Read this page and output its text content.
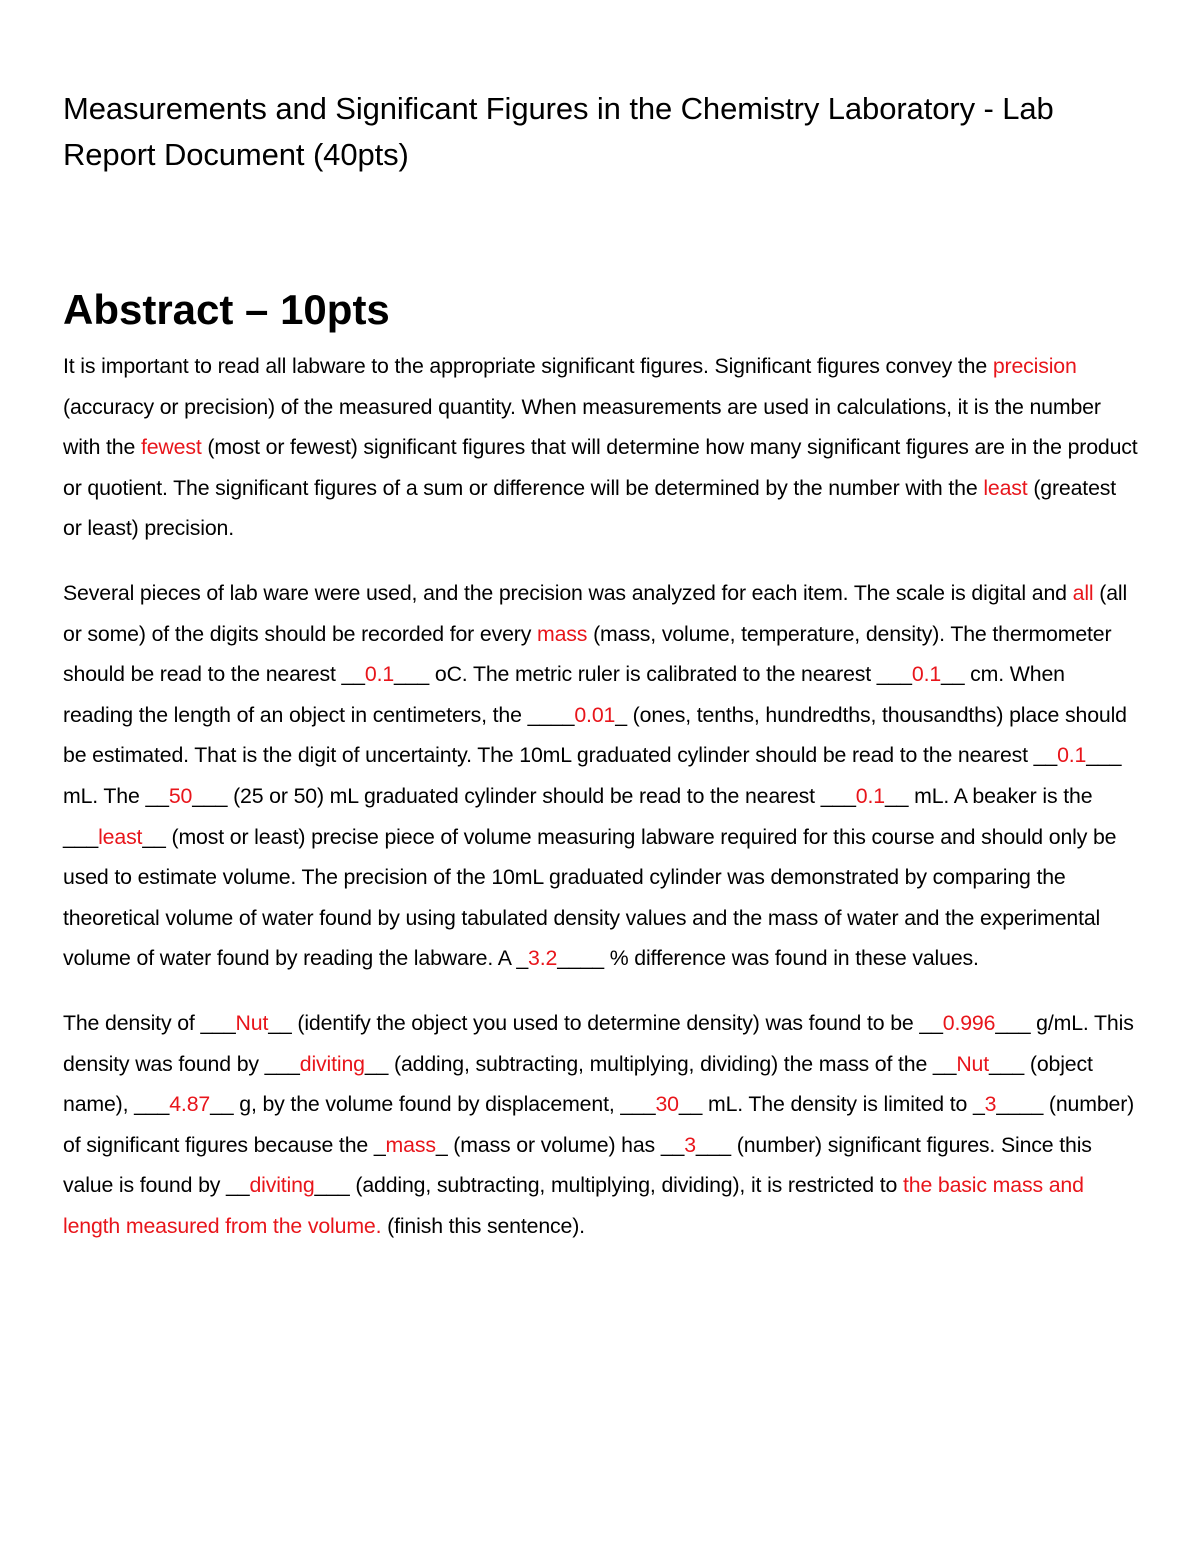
Measurements and Significant Figures in the Chemistry Laboratory - Lab Report Document (40pts)
Abstract – 10pts

It is important to read all labware to the appropriate significant figures. Significant figures convey the precision (accuracy or precision) of the measured quantity. When measurements are used in calculations, it is the number with the fewest (most or fewest) significant figures that will determine how many significant figures are in the product or quotient. The significant figures of a sum or difference will be determined by the number with the least (greatest or least) precision.

Several pieces of lab ware were used, and the precision was analyzed for each item. The scale is digital and all (all or some) of the digits should be recorded for every mass (mass, volume, temperature, density). The thermometer should be read to the nearest __0.1___ oC. The metric ruler is calibrated to the nearest ___0.1__ cm. When reading the length of an object in centimeters, the ____0.01_ (ones, tenths, hundredths, thousandths) place should be estimated. That is the digit of uncertainty. The 10mL graduated cylinder should be read to the nearest __0.1___ mL. The __50___ (25 or 50) mL graduated cylinder should be read to the nearest ___0.1__ mL. A beaker is the ___least__ (most or least) precise piece of volume measuring labware required for this course and should only be used to estimate volume. The precision of the 10mL graduated cylinder was demonstrated by comparing the theoretical volume of water found by using tabulated density values and the mass of water and the experimental volume of water found by reading the labware. A _3.2____ % difference was found in these values.

The density of ___Nut__ (identify the object you used to determine density) was found to be __0.996___ g/mL. This density was found by ___diviting__ (adding, subtracting, multiplying, dividing) the mass of the __Nut___ (object name), ___4.87__ g, by the volume found by displacement, ___30__ mL. The density is limited to _3____ (number) of significant figures because the _mass_ (mass or volume) has __3___ (number) significant figures. Since this value is found by __diviting___ (adding, subtracting, multiplying, dividing), it is restricted to the basic mass and length measured from the volume. (finish this sentence).
